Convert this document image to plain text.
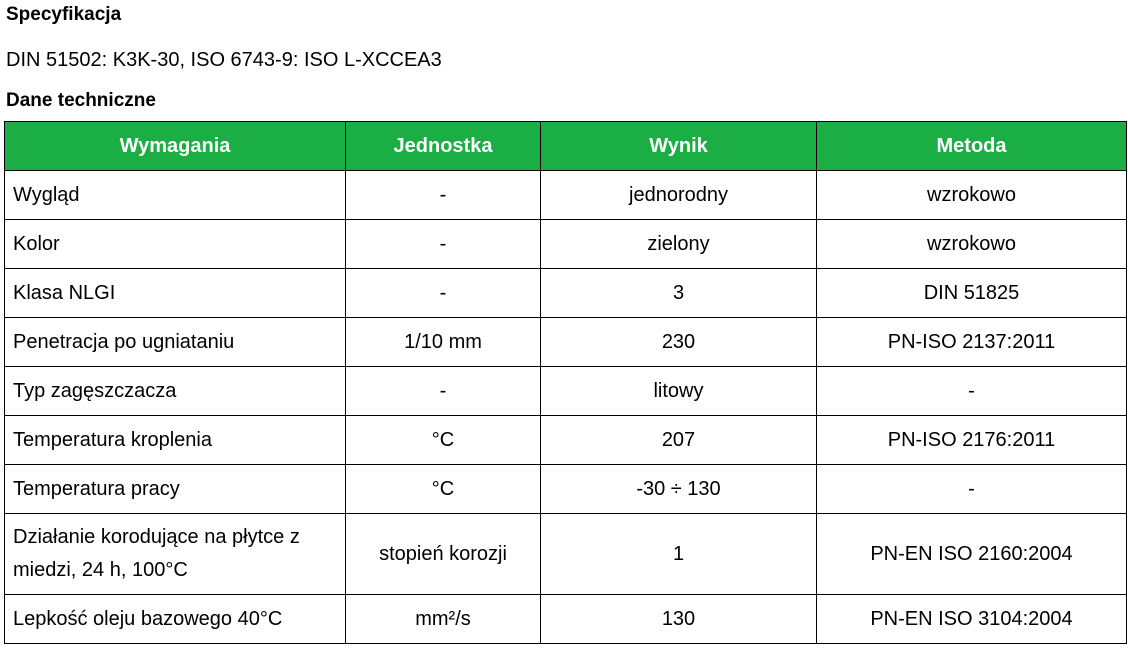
Specyfikacja

DIN 51502: K3K-30, ISO 6743-9: ISO L-XCCEA3

Dane techniczne
Wymagania	Jednostka	Wynik	Metoda
Wygląd	-	jednorodny	wzrokowo
Kolor	-	zielony	wzrokowo
Klasa NLGI	-	3	DIN 51825
Penetracja po ugniataniu	1/10 mm	230	PN-ISO 2137:2011
Typ zagęszczacza	-	litowy	-
Temperatura kroplenia	°C	207	PN-ISO 2176:2011
Temperatura pracy	°C	-30 ÷ 130	-
Działanie korodujące na płytce z miedzi, 24 h, 100°C	stopień korozji	1	PN-EN ISO 2160:2004
Lepkość oleju bazowego 40°C	mm²/s	130	PN-EN ISO 3104:2004
